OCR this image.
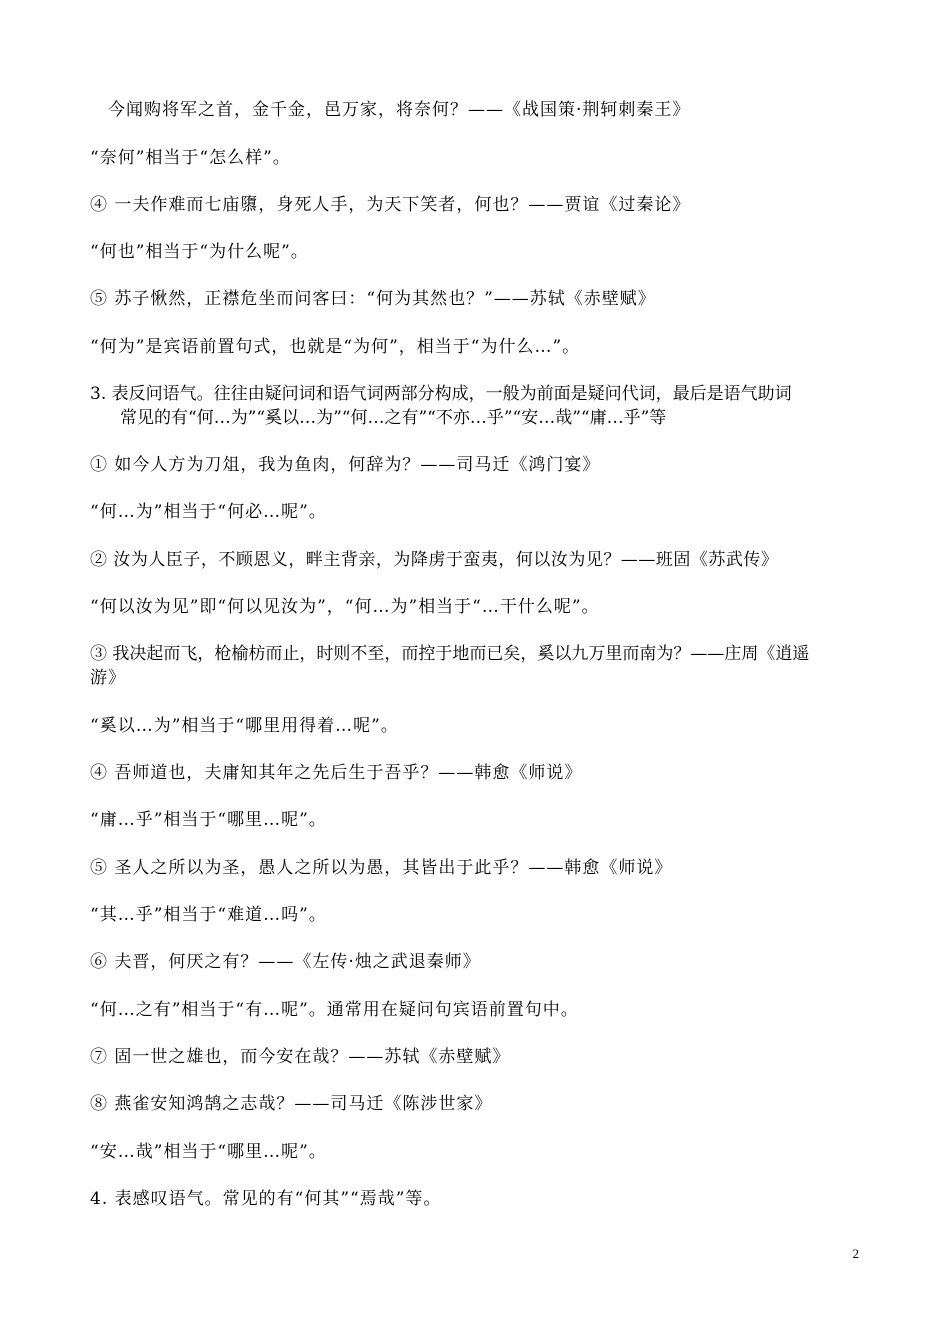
今闻购将军之首，金千金，邑万家，将奈何？——《战国策·荆轲刺秦王》
“奈何”相当于“怎么样”。
④ 一夫作难而七庙隳，身死人手，为天下笑者，何也？——贾谊《过秦论》
“何也”相当于“为什么呢”。
⑤ 苏子愀然，正襟危坐而问客曰：“何为其然也？”——苏轼《赤壁赋》
“何为”是宾语前置句式，也就是“为何”，相当于“为什么…”。
3. 表反问语气。往往由疑问词和语气词两部分构成，一般为前面是疑问代词，最后是语气助词
常见的有“何…为”“奚以…为”“何…之有”“不亦…乎”“安…哉”“庸…乎”等
① 如今人方为刀俎，我为鱼肉，何辞为？——司马迁《鸿门宴》
“何…为”相当于“何必…呢”。
② 汝为人臣子，不顾恩义，畔主背亲，为降虏于蛮夷，何以汝为见？——班固《苏武传》
“何以汝为见”即“何以见汝为”，“何…为”相当于“…干什么呢”。
③ 我决起而飞，枪榆枋而止，时则不至，而控于地而已矣，奚以九万里而南为？——庄周《逍遥
游》
“奚以…为”相当于“哪里用得着…呢”。
④ 吾师道也，夫庸知其年之先后生于吾乎？——韩愈《师说》
“庸…乎”相当于“哪里…呢”。
⑤ 圣人之所以为圣，愚人之所以为愚，其皆出于此乎？——韩愈《师说》
“其…乎”相当于“难道…吗”。
⑥ 夫晋，何厌之有？——《左传·烛之武退秦师》
“何…之有”相当于“有…呢”。通常用在疑问句宾语前置句中。
⑦ 固一世之雄也，而今安在哉？——苏轼《赤壁赋》
⑧ 燕雀安知鸿鹄之志哉？——司马迁《陈涉世家》
“安…哉”相当于“哪里…呢”。
4. 表感叹语气。常见的有“何其”“焉哉”等。
2
